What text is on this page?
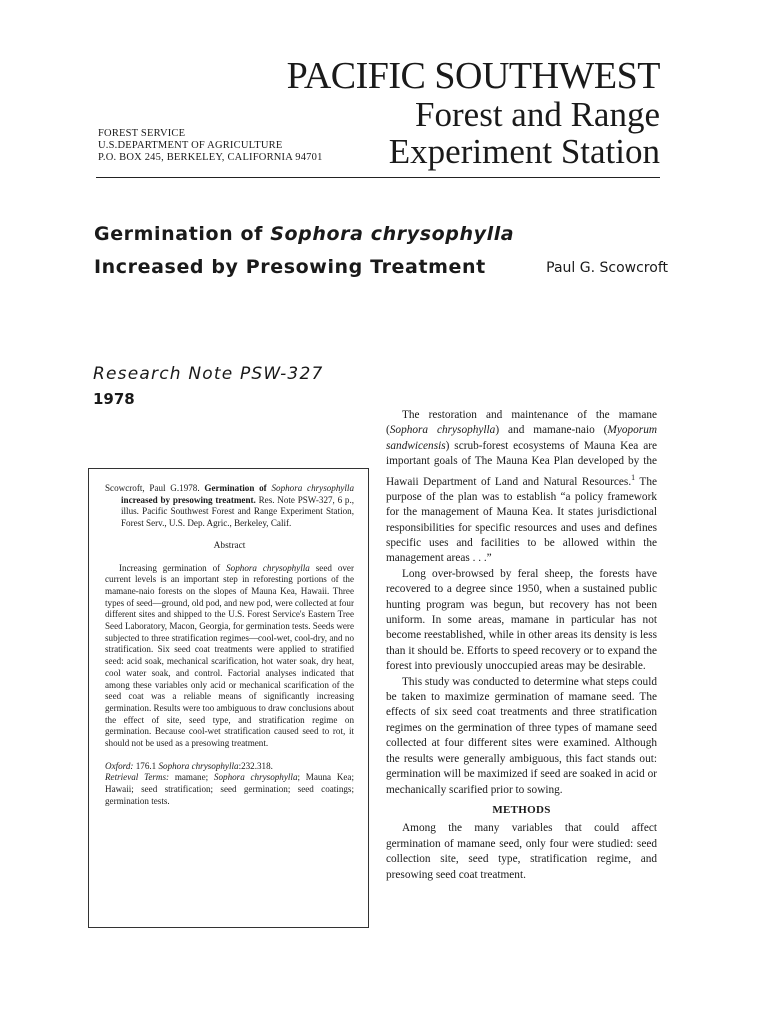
PACIFIC SOUTHWEST
Forest and Range
Experiment Station
FOREST SERVICE
U.S.DEPARTMENT OF AGRICULTURE
P.O. BOX 245, BERKELEY, CALIFORNIA 94701
Germination of Sophora chrysophylla
Increased by Presowing Treatment	Paul G. Scowcroft
Research Note PSW-327
1978

Scowcroft, Paul G.1978. Germination of Sophora chrysophylla increased by presowing treatment. Res. Note PSW-327, 6 p., illus. Pacific Southwest Forest and Range Experiment Station, Forest Serv., U.S. Dep. Agric., Berkeley, Calif.

Abstract

Increasing germination of Sophora chrysophylla seed over current levels is an important step in reforesting portions of the mamane-naio forests on the slopes of Mauna Kea, Hawaii. Three types of seed—ground, old pod, and new pod, were collected at four different sites and shipped to the U.S. Forest Service's Eastern Tree Seed Laboratory, Macon, Georgia, for germination tests. Seeds were subjected to three stratification regimes—cool-wet, cool-dry, and no stratification. Six seed coat treatments were applied to stratified seed: acid soak, mechanical scarification, hot water soak, dry heat, cool water soak, and control. Factorial analyses indicated that among these variables only acid or mechanical scarification of the seed coat was a reliable means of significantly increasing germination. Results were too ambiguous to draw conclusions about the effect of site, seed type, and stratification regime on germination. Because cool-wet stratification caused seed to rot, it should not be used as a presowing treatment.

Oxford: 176.1 Sophora chrysophylla:232.318.

Retrieval Terms: mamane; Sophora chrysophylla; Mauna Kea; Hawaii; seed stratification; seed germination; seed coatings; germination tests.

The restoration and maintenance of the mamane (Sophora chrysophylla) and mamane-naio (Myoporum sandwicensis) scrub-forest ecosystems of Mauna Kea are important goals of The Mauna Kea Plan developed by the Hawaii Department of Land and Natural Resources.$^1$ The purpose of the plan was to establish “a policy framework for the management of Mauna Kea. It states jurisdictional responsibilities for specific resources and uses and defines specific uses and facilities to be allowed within the management areas . . .”

Long over-browsed by feral sheep, the forests have recovered to a degree since 1950, when a sustained public hunting program was begun, but recovery has not been uniform. In some areas, mamane in particular has not become reestablished, while in other areas its density is less than it should be. Efforts to speed recovery or to expand the forest into previously unoccupied areas may be desirable.

This study was conducted to determine what steps could be taken to maximize germination of mamane seed. The effects of six seed coat treatments and three stratification regimes on the germination of three types of mamane seed collected at four different sites were examined. Although the results were generally ambiguous, this fact stands out: germination will be maximized if seed are soaked in acid or mechanically scarified prior to sowing.

METHODS

Among the many variables that could affect germination of mamane seed, only four were studied: seed collection site, seed type, stratification regime, and presowing seed coat treatment.
